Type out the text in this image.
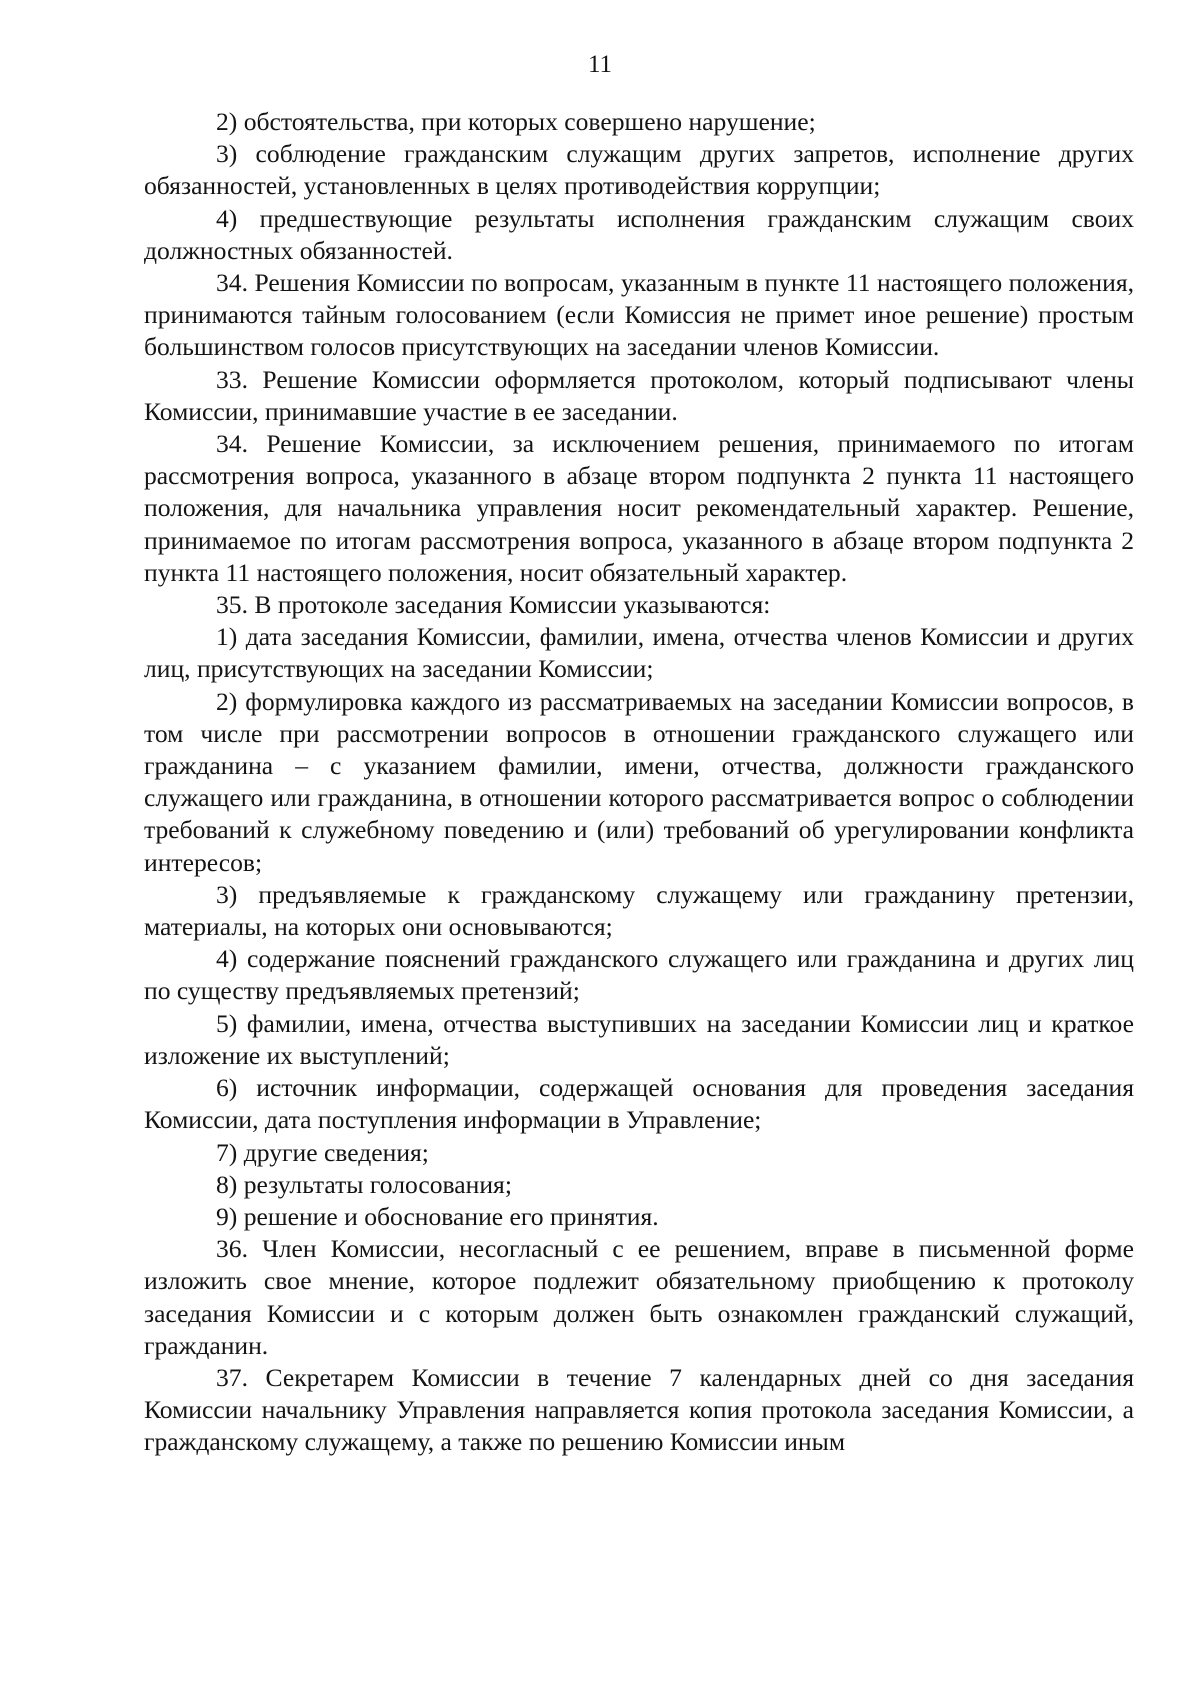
11

2) обстоятельства, при которых совершено нарушение;

3) соблюдение гражданским служащим других запретов, исполнение других обязанностей, установленных в целях противодействия коррупции;

4) предшествующие результаты исполнения гражданским служащим своих должностных обязанностей.

34. Решения Комиссии по вопросам, указанным в пункте 11 настоящего положения, принимаются тайным голосованием (если Комиссия не примет иное решение) простым большинством голосов присутствующих на заседании членов Комиссии.

33. Решение Комиссии оформляется протоколом, который подписывают члены Комиссии, принимавшие участие в ее заседании.

34. Решение Комиссии, за исключением решения, принимаемого по итогам рассмотрения вопроса, указанного в абзаце втором подпункта 2 пункта 11 настоящего положения, для начальника управления носит рекомендательный характер. Решение, принимаемое по итогам рассмотрения вопроса, указанного в абзаце втором подпункта 2 пункта 11 настоящего положения, носит обязательный характер.

35. В протоколе заседания Комиссии указываются:

1) дата заседания Комиссии, фамилии, имена, отчества членов Комиссии и других лиц, присутствующих на заседании Комиссии;

2) формулировка каждого из рассматриваемых на заседании Комиссии вопросов, в том числе при рассмотрении вопросов в отношении гражданского служащего или гражданина – с указанием фамилии, имени, отчества, должности гражданского служащего или гражданина, в отношении которого рассматривается вопрос о соблюдении требований к служебному поведению и (или) требований об урегулировании конфликта интересов;

3) предъявляемые к гражданскому служащему или гражданину претензии, материалы, на которых они основываются;

4) содержание пояснений гражданского служащего или гражданина и других лиц по существу предъявляемых претензий;

5) фамилии, имена, отчества выступивших на заседании Комиссии лиц и краткое изложение их выступлений;

6) источник информации, содержащей основания для проведения заседания Комиссии, дата поступления информации в Управление;

7) другие сведения;

8) результаты голосования;

9) решение и обоснование его принятия.

36. Член Комиссии, несогласный с ее решением, вправе в письменной форме изложить свое мнение, которое подлежит обязательному приобщению к протоколу заседания Комиссии и с которым должен быть ознакомлен гражданский служащий, гражданин.

37. Секретарем Комиссии в течение 7 календарных дней со дня заседания Комиссии начальнику Управления направляется копия протокола заседания Комиссии, а гражданскому служащему, а также по решению Комиссии иным
